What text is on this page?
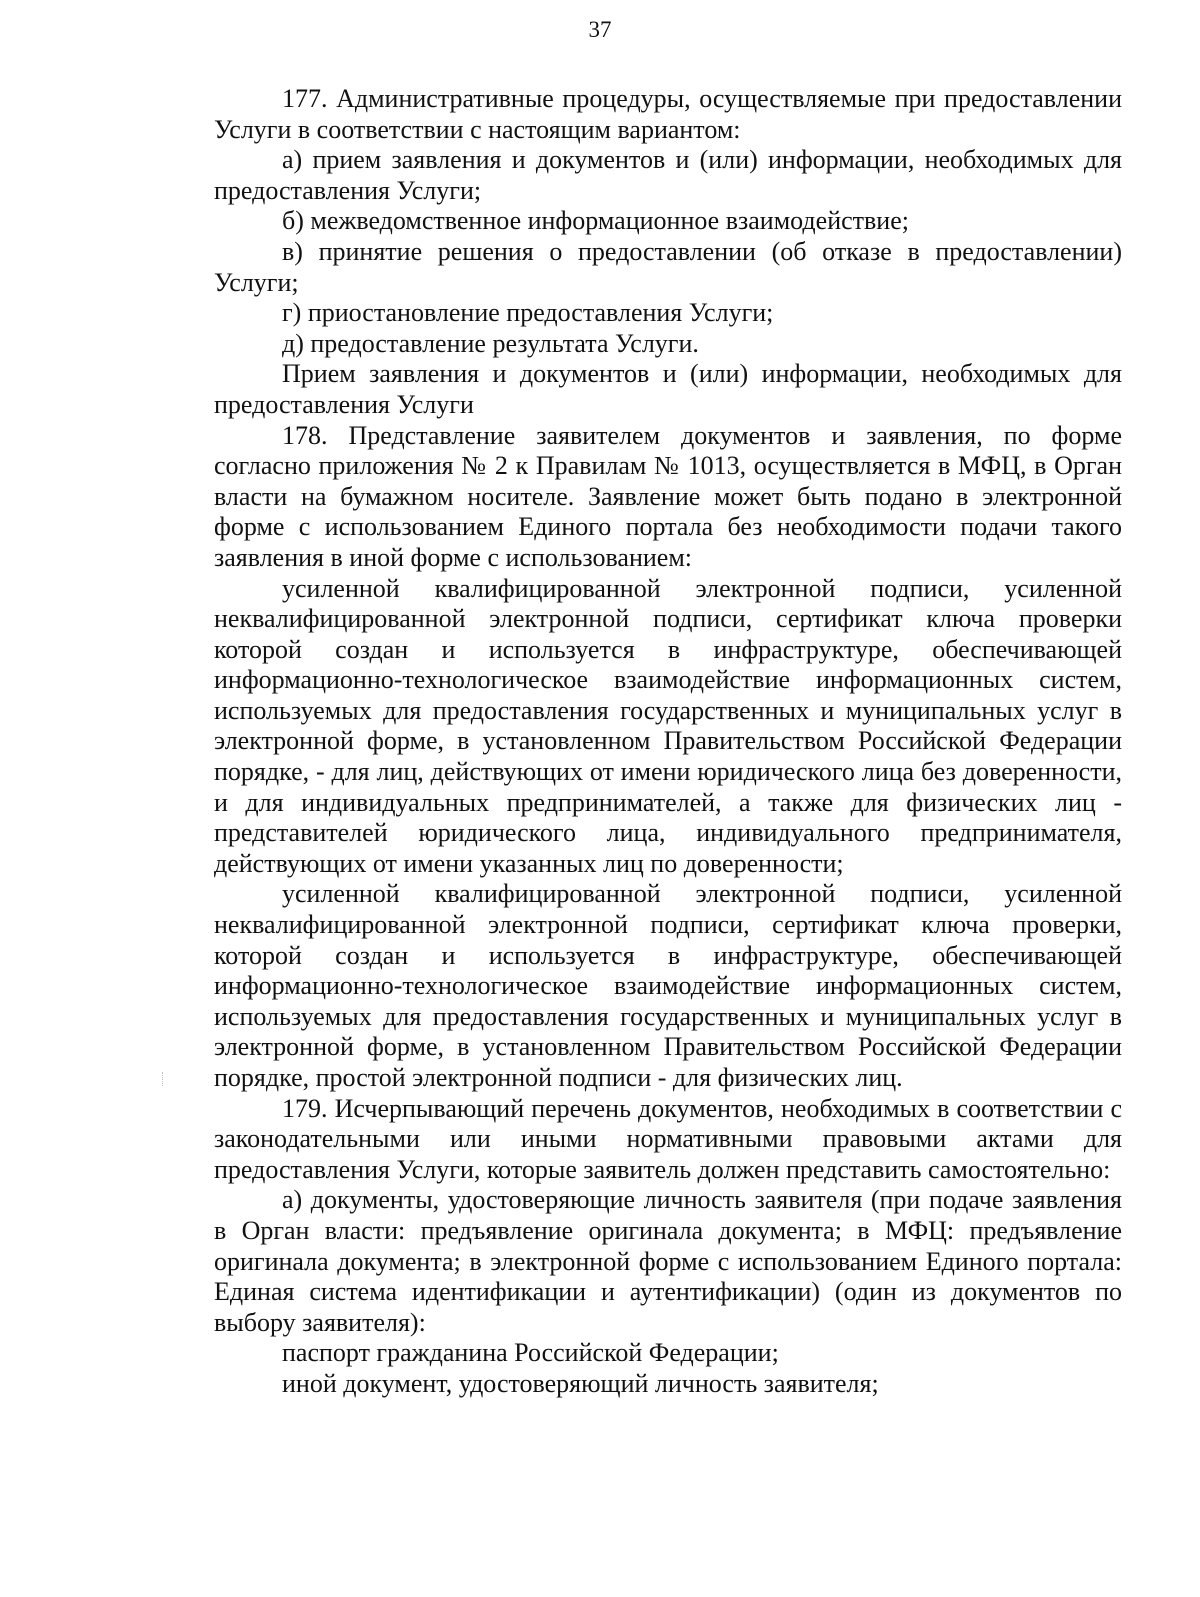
37

177. Административные процедуры, осуществляемые при предоставлении Услуги в соответствии с настоящим вариантом:

а) прием заявления и документов и (или) информации, необходимых для предоставления Услуги;

б) межведомственное информационное взаимодействие;

в) принятие решения о предоставлении (об отказе в предоставлении) Услуги;

г) приостановление предоставления Услуги;

д) предоставление результата Услуги.

Прием заявления и документов и (или) информации, необходимых для предоставления Услуги

178. Представление заявителем документов и заявления, по форме согласно приложения № 2 к Правилам № 1013, осуществляется в МФЦ, в Орган власти на бумажном носителе. Заявление может быть подано в электронной форме с использованием Единого портала без необходимости подачи такого заявления в иной форме с использованием:

усиленной квалифицированной электронной подписи, усиленной неквалифицированной электронной подписи, сертификат ключа проверки которой создан и используется в инфраструктуре, обеспечивающей информационно-технологическое взаимодействие информационных систем, используемых для предоставления государственных и муниципальных услуг в электронной форме, в установленном Правительством Российской Федерации порядке, - для лиц, действующих от имени юридического лица без доверенности, и для индивидуальных предпринимателей, а также для физических лиц - представителей юридического лица, индивидуального предпринимателя, действующих от имени указанных лиц по доверенности;

усиленной квалифицированной электронной подписи, усиленной неквалифицированной электронной подписи, сертификат ключа проверки, которой создан и используется в инфраструктуре, обеспечивающей информационно-технологическое взаимодействие информационных систем, используемых для предоставления государственных и муниципальных услуг в электронной форме, в установленном Правительством Российской Федерации порядке, простой электронной подписи - для физических лиц.

179. Исчерпывающий перечень документов, необходимых в соответствии с законодательными или иными нормативными правовыми актами для предоставления Услуги, которые заявитель должен представить самостоятельно:

а) документы, удостоверяющие личность заявителя (при подаче заявления в Орган власти: предъявление оригинала документа; в МФЦ: предъявление оригинала документа; в электронной форме с использованием Единого портала: Единая система идентификации и аутентификации) (один из документов по выбору заявителя):

паспорт гражданина Российской Федерации;

иной документ, удостоверяющий личность заявителя;
